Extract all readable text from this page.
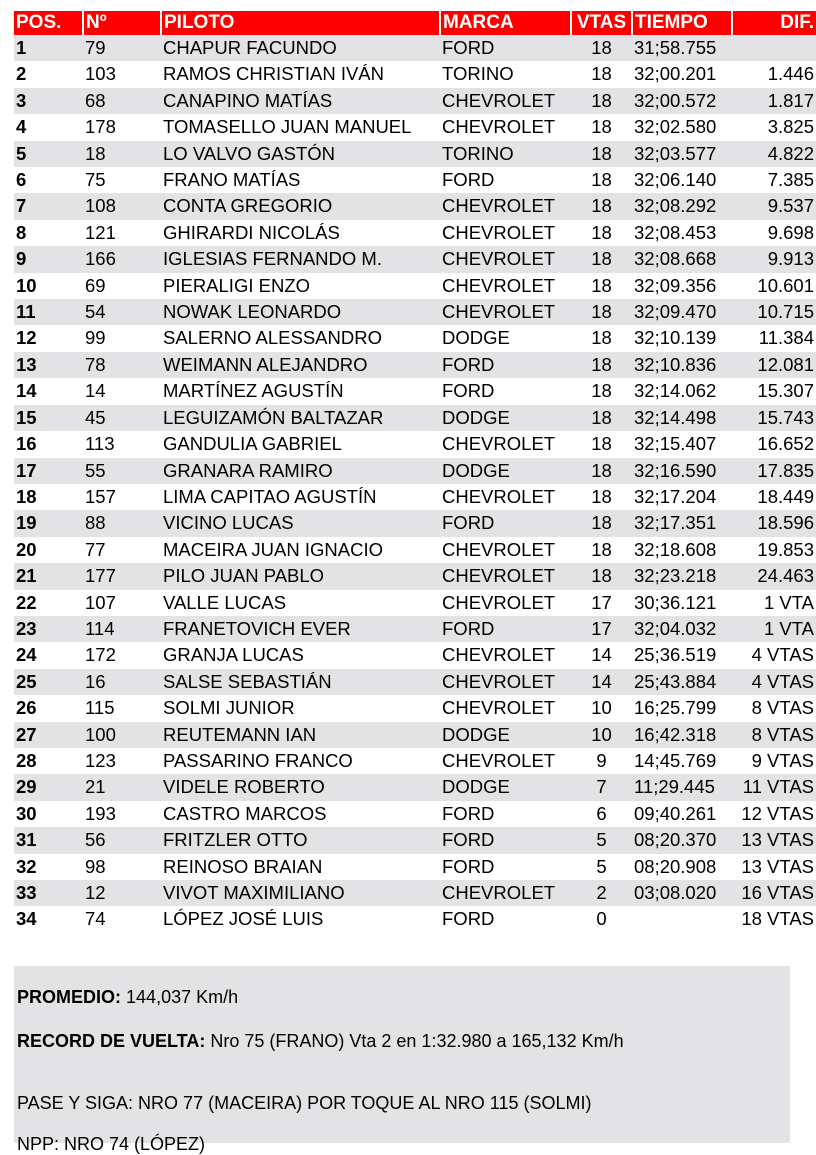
POS.	Nº	PILOTO	MARCA	VTAS	TIEMPO	DIF.
1	79	CHAPUR FACUNDO	FORD	18	31;58.755	
2	103	RAMOS CHRISTIAN IVÁN	TORINO	18	32;00.201	1.446
3	68	CANAPINO MATÍAS	CHEVROLET	18	32;00.572	1.817
4	178	TOMASELLO JUAN MANUEL	CHEVROLET	18	32;02.580	3.825
5	18	LO VALVO GASTÓN	TORINO	18	32;03.577	4.822
6	75	FRANO MATÍAS	FORD	18	32;06.140	7.385
7	108	CONTA GREGORIO	CHEVROLET	18	32;08.292	9.537
8	121	GHIRARDI NICOLÁS	CHEVROLET	18	32;08.453	9.698
9	166	IGLESIAS FERNANDO M.	CHEVROLET	18	32;08.668	9.913
10	69	PIERALIGI ENZO	CHEVROLET	18	32;09.356	10.601
11	54	NOWAK LEONARDO	CHEVROLET	18	32;09.470	10.715
12	99	SALERNO ALESSANDRO	DODGE	18	32;10.139	11.384
13	78	WEIMANN ALEJANDRO	FORD	18	32;10.836	12.081
14	14	MARTÍNEZ AGUSTÍN	FORD	18	32;14.062	15.307
15	45	LEGUIZAMÓN BALTAZAR	DODGE	18	32;14.498	15.743
16	113	GANDULIA GABRIEL	CHEVROLET	18	32;15.407	16.652
17	55	GRANARA RAMIRO	DODGE	18	32;16.590	17.835
18	157	LIMA CAPITAO AGUSTÍN	CHEVROLET	18	32;17.204	18.449
19	88	VICINO LUCAS	FORD	18	32;17.351	18.596
20	77	MACEIRA JUAN IGNACIO	CHEVROLET	18	32;18.608	19.853
21	177	PILO JUAN PABLO	CHEVROLET	18	32;23.218	24.463
22	107	VALLE LUCAS	CHEVROLET	17	30;36.121	1 VTA
23	114	FRANETOVICH EVER	FORD	17	32;04.032	1 VTA
24	172	GRANJA LUCAS	CHEVROLET	14	25;36.519	4 VTAS
25	16	SALSE SEBASTIÁN	CHEVROLET	14	25;43.884	4 VTAS
26	115	SOLMI JUNIOR	CHEVROLET	10	16;25.799	8 VTAS
27	100	REUTEMANN IAN	DODGE	10	16;42.318	8 VTAS
28	123	PASSARINO FRANCO	CHEVROLET	9	14;45.769	9 VTAS
29	21	VIDELE ROBERTO	DODGE	7	11;29.445	11 VTAS
30	193	CASTRO MARCOS	FORD	6	09;40.261	12 VTAS
31	56	FRITZLER OTTO	FORD	5	08;20.370	13 VTAS
32	98	REINOSO BRAIAN	FORD	5	08;20.908	13 VTAS
33	12	VIVOT MAXIMILIANO	CHEVROLET	2	03;08.020	16 VTAS
34	74	LÓPEZ JOSÉ LUIS	FORD	0		18 VTAS
PROMEDIO: 144,037 Km/h
RECORD DE VUELTA: Nro 75 (FRANO) Vta 2 en 1:32.980 a 165,132 Km/h
PASE Y SIGA: NRO 77 (MACEIRA) POR TOQUE AL NRO 115 (SOLMI)
NPP: NRO 74 (LÓPEZ)
